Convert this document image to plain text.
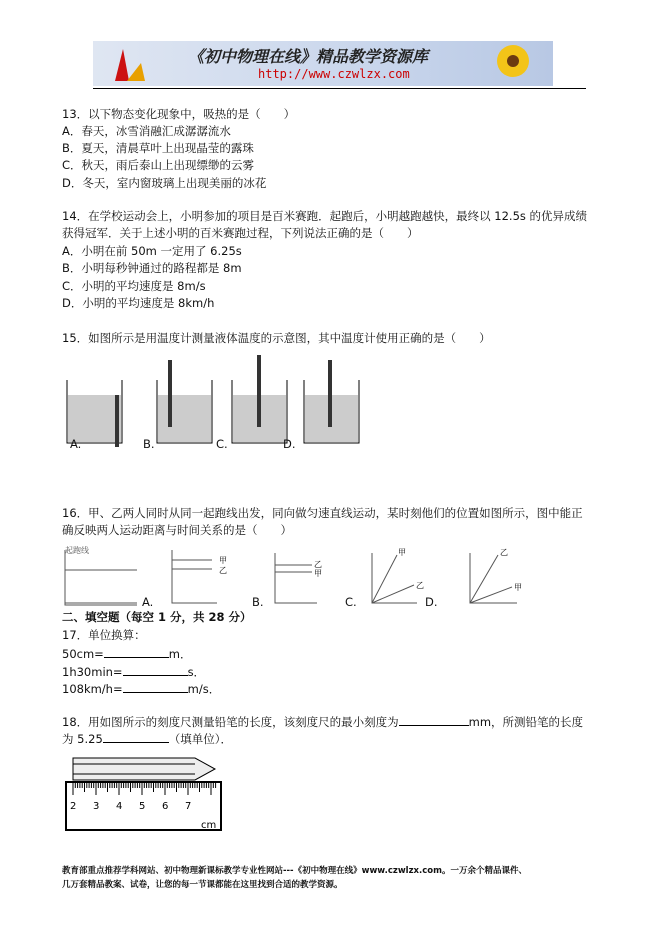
《初中物理在线》精品教学资源库
http://www.czwlzx.com
13．以下物态变化现象中，吸热的是（　　）
A．春天，冰雪消融汇成潺潺流水
B．夏天，清晨草叶上出现晶莹的露珠
C．秋天，雨后泰山上出现缥缈的云雾
D．冬天，室内窗玻璃上出现美丽的冰花
14．在学校运动会上，小明参加的项目是百米赛跑．起跑后，小明越跑越快，最终以 12.5s 的优异成绩
获得冠军．关于上述小明的百米赛跑过程，下列说法正确的是（　　）
A．小明在前 50m 一定用了 6.25s
B．小明每秒钟通过的路程都是 8m
C．小明的平均速度是 8m/s
D．小明的平均速度是 8km/h
15．如图所示是用温度计测量液体温度的示意图，其中温度计使用正确的是（　　）
A.	B.	C.	D.
16．甲、乙两人同时从同一起跑线出发，同向做匀速直线运动，某时刻他们的位置如图所示，图中能正
确反映两人运动距离与时间关系的是（　　）
起跑线
甲
乙
乙
甲
甲
乙
乙
甲
A.	B.	C.	D.
二、填空题（每空 1 分，共 28 分）
17．单位换算：
50cm=	m．
1h30min=	s．
108km/h=	m/s．
18．用如图所示的刻度尺测量铅笔的长度，该刻度尺的最小刻度为	mm，所测铅笔的长度
为 5.25	（填单位）．
2 3 4 5 6 7
cm
教育部重点推荐学科网站、初中物理新课标教学专业性网站---《初中物理在线》www.czwlzx.com。一万余个精品课件、
几万套精品教案、试卷，让您的每一节课都能在这里找到合适的教学资源。
